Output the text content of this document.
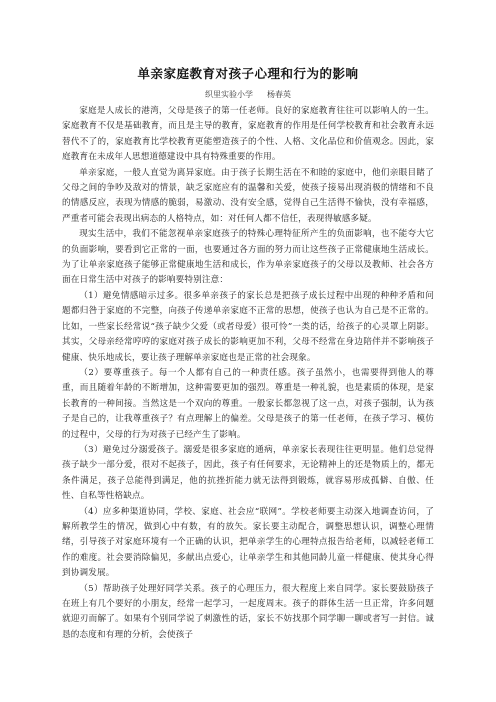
单亲家庭教育对孩子心理和行为的影响
织里实验小学 杨春英

家庭是人成长的港湾，父母是孩子的第一任老师。良好的家庭教育往往可以影响人的一生。家庭教育不仅是基础教育，而且是主导的教育，家庭教育的作用是任何学校教育和社会教育永远替代不了的，家庭教育比学校教育更能塑造孩子的个性、人格、文化品位和价值观念。因此，家庭教育在未成年人思想道德建设中具有特殊重要的作用。

单亲家庭，一般人直觉为离异家庭。由于孩子长期生活在不和睦的家庭中，他们亲眼目睹了父母之间的争吵及敌对的情景，缺乏家庭应有的温馨和关爱，使孩子接易出现消极的情绪和不良的情感反应，表现为情感的脆弱，易激动、没有安全感，觉得自己生活得不愉快，没有幸福感，严重者可能会表现出病态的人格特点，如：对任何人都不信任，表现得敏感多疑。

现实生活中，我们不能忽视单亲家庭孩子的特殊心理特征所产生的负面影响，也不能夸大它的负面影响，要看到它正常的一面，也要通过各方面的努力而让这些孩子正常健康地生活成长。为了让单亲家庭孩子能够正常健康地生活和成长，作为单亲家庭孩子的父母以及教师、社会各方面在日常生活中对孩子的影响要特别注意：

（1）避免情感暗示过多。很多单亲孩子的家长总是把孩子成长过程中出现的种种矛盾和问题都归咎于家庭的不完整，向孩子传递单亲家庭不正常的思想，使孩子也认为自己是不正常的。比如，一些家长经常说“孩子缺少父爱（或者母爱）很可怜”一类的话，给孩子的心灵罩上阴影。其实，父母亲经常哼哼的家庭对孩子成长的影响更加不利，父母不经常在身边陪伴并不影响孩子健康、快乐地成长，要让孩子理解单亲家庭也是正常的社会现象。

（2）要尊重孩子。每一个人都有自己的一种责任感。孩子虽然小，也需要得到他人的尊重，而且随着年龄的不断增加，这种需要更加的强烈。尊重是一种礼貌，也是素质的体现，是家长教育的一种间接。当然这是一个双向的尊重。一般家长都忽视了这一点，对孩子强制，认为孩子是自己的，让我尊重孩子？有点理解上的偏差。父母是孩子的第一任老师，在孩子学习、模仿的过程中，父母的行为对孩子已经产生了影响。

（3）避免过分溺爱孩子。溺爱是很多家庭的通病，单亲家长表现往往更明显。他们总觉得孩子缺少一部分爱，很对不起孩子，因此，孩子有任何要求，无论精神上的还是物质上的，都无条件满足，孩子总能得到满足，他的抗挫折能力就无法得到锻炼，就容易形成孤僻、自傲、任性、自私等性格缺点。

（4）应多种渠道协同，学校、家庭、社会应“联网”。学校老师要主动深入地调查访问，了解所教学生的情况，做到心中有数，有的放矢。家长要主动配合，调整思想认识，调整心理情绪，引导孩子对家庭环境有一个正确的认识，把单亲学生的心理特点报告给老师，以减轻老师工作的难度。社会要消除偏见，多献出点爱心，让单亲学生和其他同龄儿童一样健康、使其身心得到协调发展。

（5）帮助孩子处理好同学关系。孩子的心理压力，很大程度上来自同学。家长要鼓励孩子在班上有几个要好的小朋友，经常一起学习，一起度周末。孩子的群体生活一旦正常，许多问题就迎刃而解了。如果有个别同学说了刺激性的话，家长不妨找那个同学聊一聊或者写一封信。诚恳的态度和有理的分析，会使孩子
